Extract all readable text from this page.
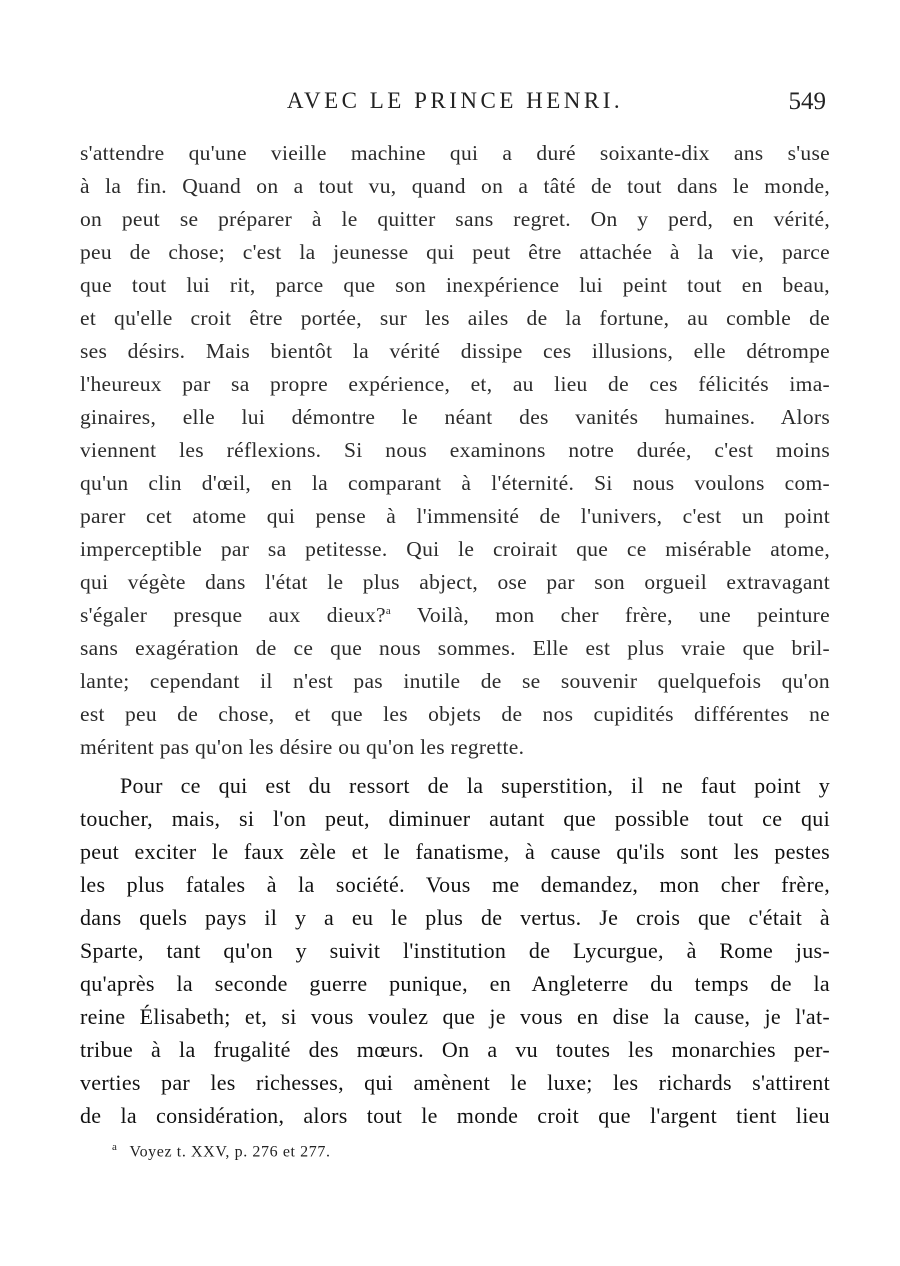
AVEC LE PRINCE HENRI.	549
s'attendre qu'une vieille machine qui a duré soixante-dix ans s'use
à la fin. Quand on a tout vu, quand on a tâté de tout dans le monde,
on peut se préparer à le quitter sans regret. On y perd, en vérité,
peu de chose; c'est la jeunesse qui peut être attachée à la vie, parce
que tout lui rit, parce que son inexpérience lui peint tout en beau,
et qu'elle croit être portée, sur les ailes de la fortune, au comble de
ses désirs. Mais bientôt la vérité dissipe ces illusions, elle détrompe
l'heureux par sa propre expérience, et, au lieu de ces félicités ima-
ginaires, elle lui démontre le néant des vanités humaines. Alors
viennent les réflexions. Si nous examinons notre durée, c'est moins
qu'un clin d'œil, en la comparant à l'éternité. Si nous voulons com-
parer cet atome qui pense à l'immensité de l'univers, c'est un point
imperceptible par sa petitesse. Qui le croirait que ce misérable atome,
qui végète dans l'état le plus abject, ose par son orgueil extravagant
s'égaler presque aux dieux?$^a$ Voilà, mon cher frère, une peinture
sans exagération de ce que nous sommes. Elle est plus vraie que bril-
lante; cependant il n'est pas inutile de se souvenir quelquefois qu'on
est peu de chose, et que les objets de nos cupidités différentes ne
méritent pas qu'on les désire ou qu'on les regrette.
Pour ce qui est du ressort de la superstition, il ne faut point y
toucher, mais, si l'on peut, diminuer autant que possible tout ce qui
peut exciter le faux zèle et le fanatisme, à cause qu'ils sont les pestes
les plus fatales à la société. Vous me demandez, mon cher frère,
dans quels pays il y a eu le plus de vertus. Je crois que c'était à
Sparte, tant qu'on y suivit l'institution de Lycurgue, à Rome jus-
qu'après la seconde guerre punique, en Angleterre du temps de la
reine Élisabeth; et, si vous voulez que je vous en dise la cause, je l'at-
tribue à la frugalité des mœurs. On a vu toutes les monarchies per-
verties par les richesses, qui amènent le luxe; les richards s'attirent
de la considération, alors tout le monde croit que l'argent tient lieu
$^a$ Voyez t. XXV, p. 276 et 277.
